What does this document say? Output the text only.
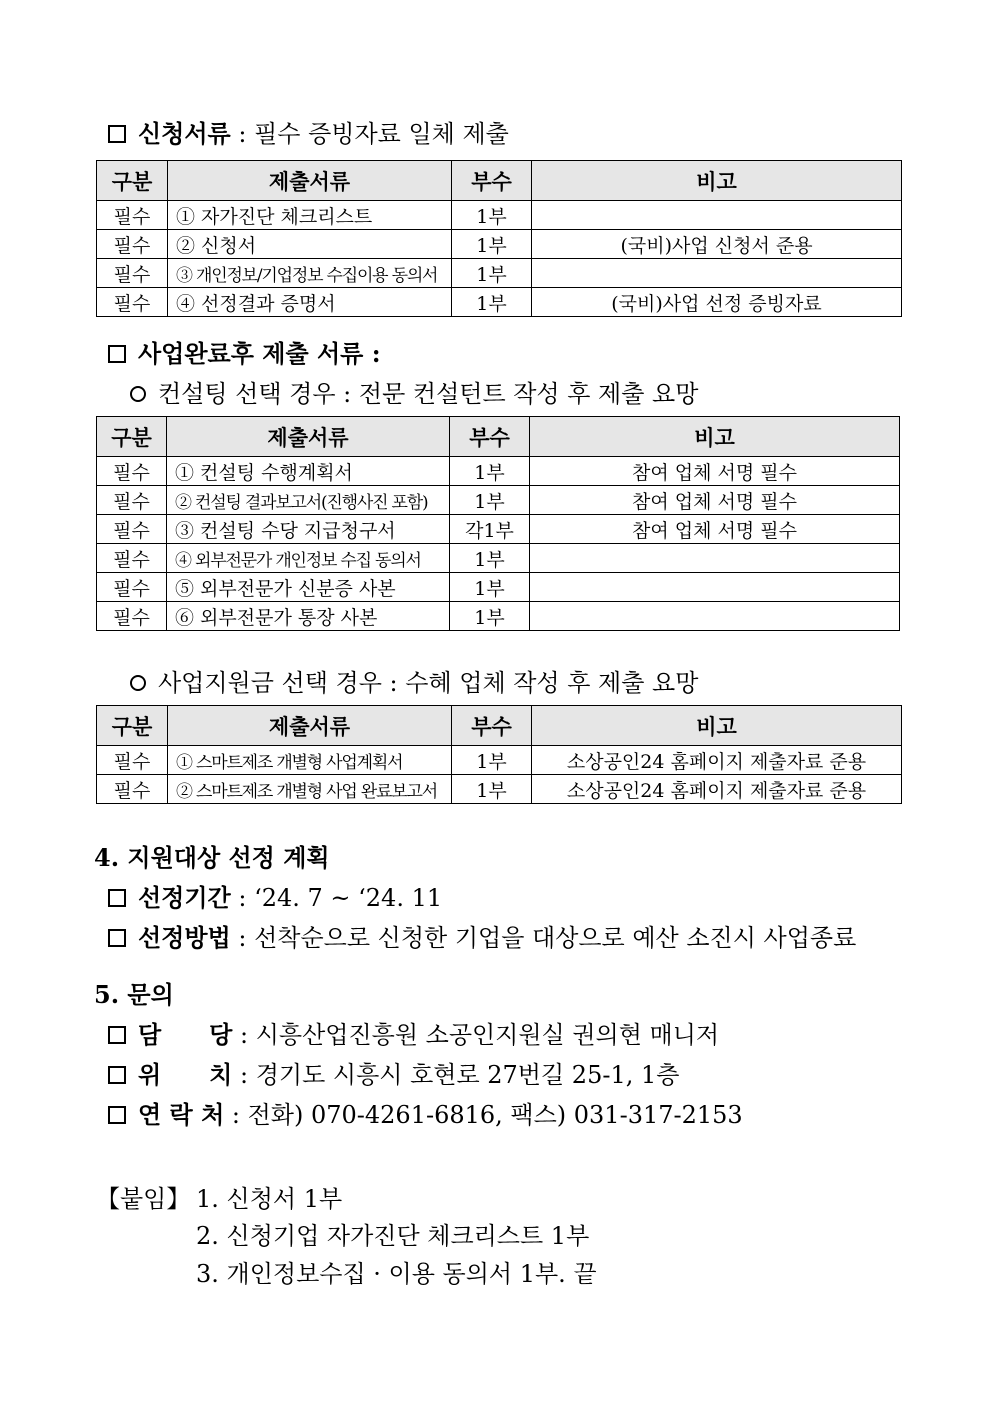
신청서류 : 필수 증빙자료 일체 제출
구분	제출서류	부수	비고
필수	① 자가진단 체크리스트	1부	
필수	② 신청서	1부	(국비)사업 신청서 준용
필수	③ 개인정보/기업정보 수집이용 동의서	1부	
필수	④ 선정결과 증명서	1부	(국비)사업 선정 증빙자료
사업완료후 제출 서류 :
컨설팅 선택 경우 : 전문 컨설턴트 작성 후 제출 요망
구분	제출서류	부수	비고
필수	① 컨설팅 수행계획서	1부	참여 업체 서명 필수
필수	② 컨설팅 결과보고서(진행사진 포함)	1부	참여 업체 서명 필수
필수	③ 컨설팅 수당 지급청구서	각1부	참여 업체 서명 필수
필수	④ 외부전문가 개인정보 수집 동의서	1부	
필수	⑤ 외부전문가 신분증 사본	1부	
필수	⑥ 외부전문가 통장 사본	1부	
사업지원금 선택 경우 : 수혜 업체 작성 후 제출 요망
구분	제출서류	부수	비고
필수	① 스마트제조 개별형 사업계획서	1부	소상공인24 홈페이지 제출자료 준용
필수	② 스마트제조 개별형 사업 완료보고서	1부	소상공인24 홈페이지 제출자료 준용
4. 지원대상 선정 계획
선정기간 : ‘24. 7 ~ ‘24. 11
선정방법 : 선착순으로 신청한 기업을 대상으로 예산 소진시 사업종료
5. 문의
담　　당 : 시흥산업진흥원 소공인지원실 권의현 매니저
위　　치 : 경기도 시흥시 호현로 27번길 25-1, 1층
연 락 처 : 전화) 070-4261-6816, 팩스) 031-317-2153
【붙임】 1. 신청서 1부
2. 신청기업 자가진단 체크리스트 1부
3. 개인정보수집 · 이용 동의서 1부. 끝
